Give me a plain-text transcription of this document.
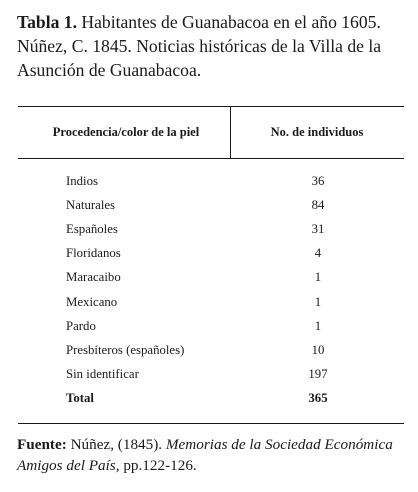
Tabla 1. Habitantes de Guanabacoa en el año 1605. Núñez, C. 1845. Noticias históricas de la Villa de la Asunción de Guanabacoa.

Procedencia/color de la piel	No. de individuos
Indios	36
Naturales	84
Españoles	31
Floridanos	4
Maracaibo	1
Mexicano	1
Pardo	1
Presbíteros (españoles)	10
Sin identificar	197
Total	365

Fuente: Núñez, (1845). Memorias de la Sociedad Económica Amigos del País, pp.122-126.
